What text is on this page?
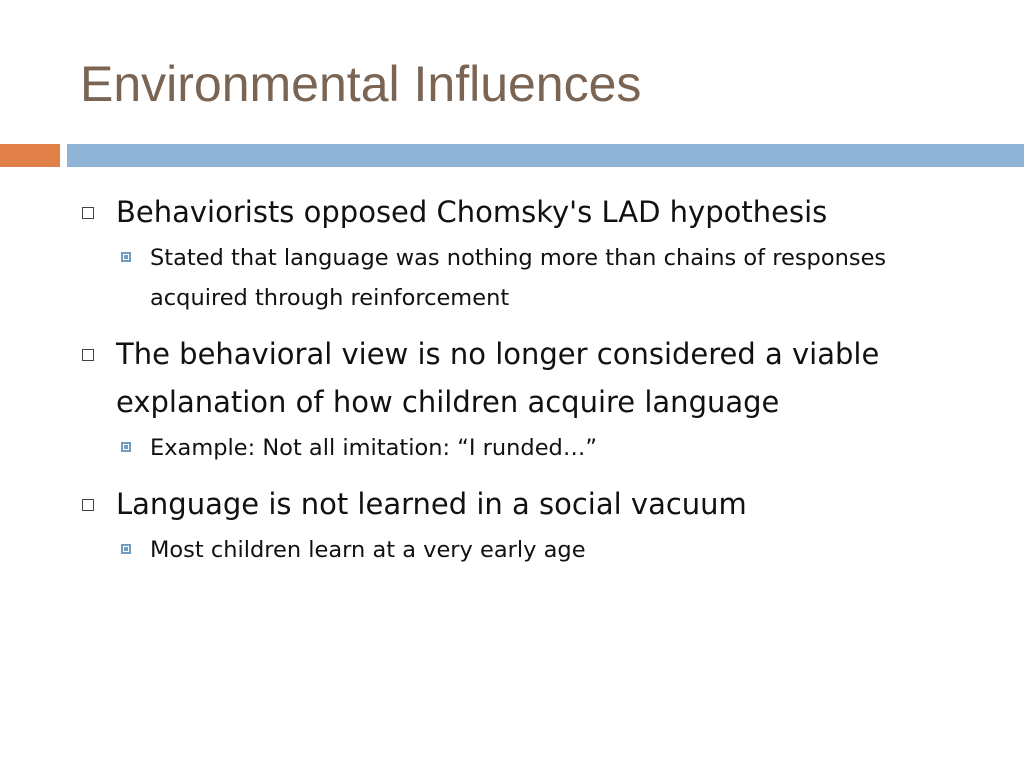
Environmental Influences
Behaviorists opposed Chomsky's LAD hypothesis
Stated that language was nothing more than chains of responses acquired through reinforcement
The behavioral view is no longer considered a viable explanation of how children acquire language
Example: Not all imitation: “I runded…”
Language is not learned in a social vacuum
Most children learn at a very early age
